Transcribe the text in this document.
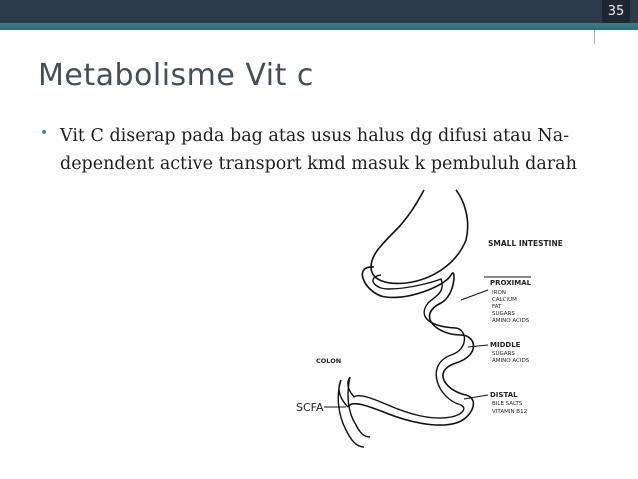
35
Metabolisme Vit c
• Vit C diserap pada bag atas usus halus dg difusi atau Na-dependent active transport kmd masuk k pembuluh darah
SMALL INTESTINE
PROXIMAL
IRON
CALCIUM
FAT
SUGARS
AMINO ACIDS
MIDDLE
SUGARS
AMINO ACIDS
DISTAL
BILE SALTS
VITAMIN B12
COLON
SCFA
